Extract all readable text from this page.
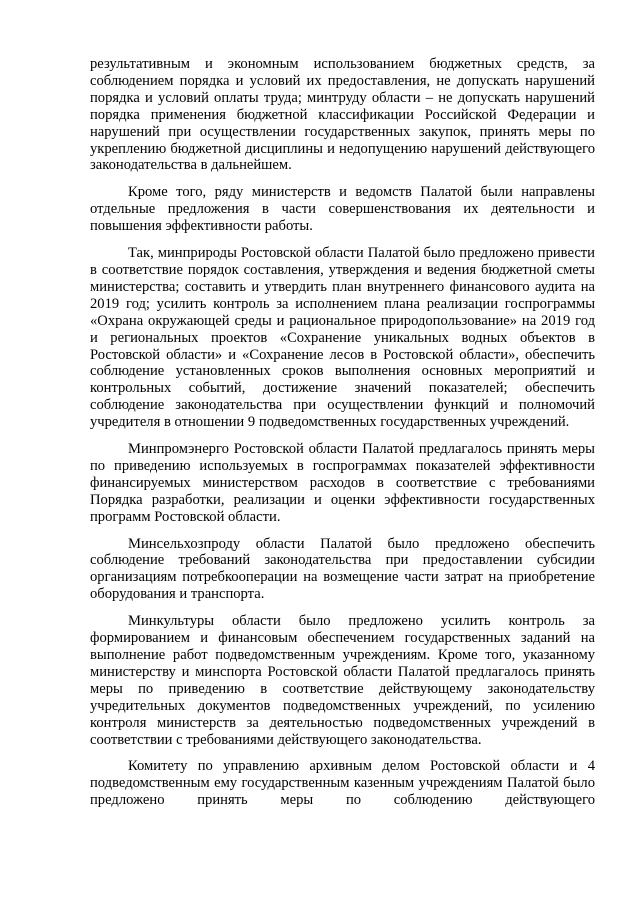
результативным и экономным использованием бюджетных средств, за соблюдением порядка и условий их предоставления, не допускать нарушений порядка и условий оплаты труда; минтруду области – не допускать нарушений порядка применения бюджетной классификации Российской Федерации и нарушений при осуществлении государственных закупок, принять меры по укреплению бюджетной дисциплины и недопущению нарушений действующего законодательства в дальнейшем.

Кроме того, ряду министерств и ведомств Палатой были направлены отдельные предложения в части совершенствования их деятельности и повышения эффективности работы.

Так, минприроды Ростовской области Палатой было предложено привести в соответствие порядок составления, утверждения и ведения бюджетной сметы министерства; составить и утвердить план внутреннего финансового аудита на 2019 год; усилить контроль за исполнением плана реализации госпрограммы «Охрана окружающей среды и рациональное природопользование» на 2019 год и региональных проектов «Сохранение уникальных водных объектов в Ростовской области» и «Сохранение лесов в Ростовской области», обеспечить соблюдение установленных сроков выполнения основных мероприятий и контрольных событий, достижение значений показателей; обеспечить соблюдение законодательства при осуществлении функций и полномочий учредителя в отношении 9 подведомственных государственных учреждений.

Минпромэнерго Ростовской области Палатой предлагалось принять меры по приведению используемых в госпрограммах показателей эффективности финансируемых министерством расходов в соответствие с требованиями Порядка разработки, реализации и оценки эффективности государственных программ Ростовской области.

Минсельхозпроду области Палатой было предложено обеспечить соблюдение требований законодательства при предоставлении субсидии организациям потребкооперации на возмещение части затрат на приобретение оборудования и транспорта.

Минкультуры области было предложено усилить контроль за формированием и финансовым обеспечением государственных заданий на выполнение работ подведомственным учреждениям. Кроме того, указанному министерству и минспорта Ростовской области Палатой предлагалось принять меры по приведению в соответствие действующему законодательству учредительных документов подведомственных учреждений, по усилению контроля министерств за деятельностью подведомственных учреждений в соответствии с требованиями действующего законодательства.

Комитету по управлению архивным делом Ростовской области и 4 подведомственным ему государственным казенным учреждениям Палатой было предложено принять меры по соблюдению действующего
